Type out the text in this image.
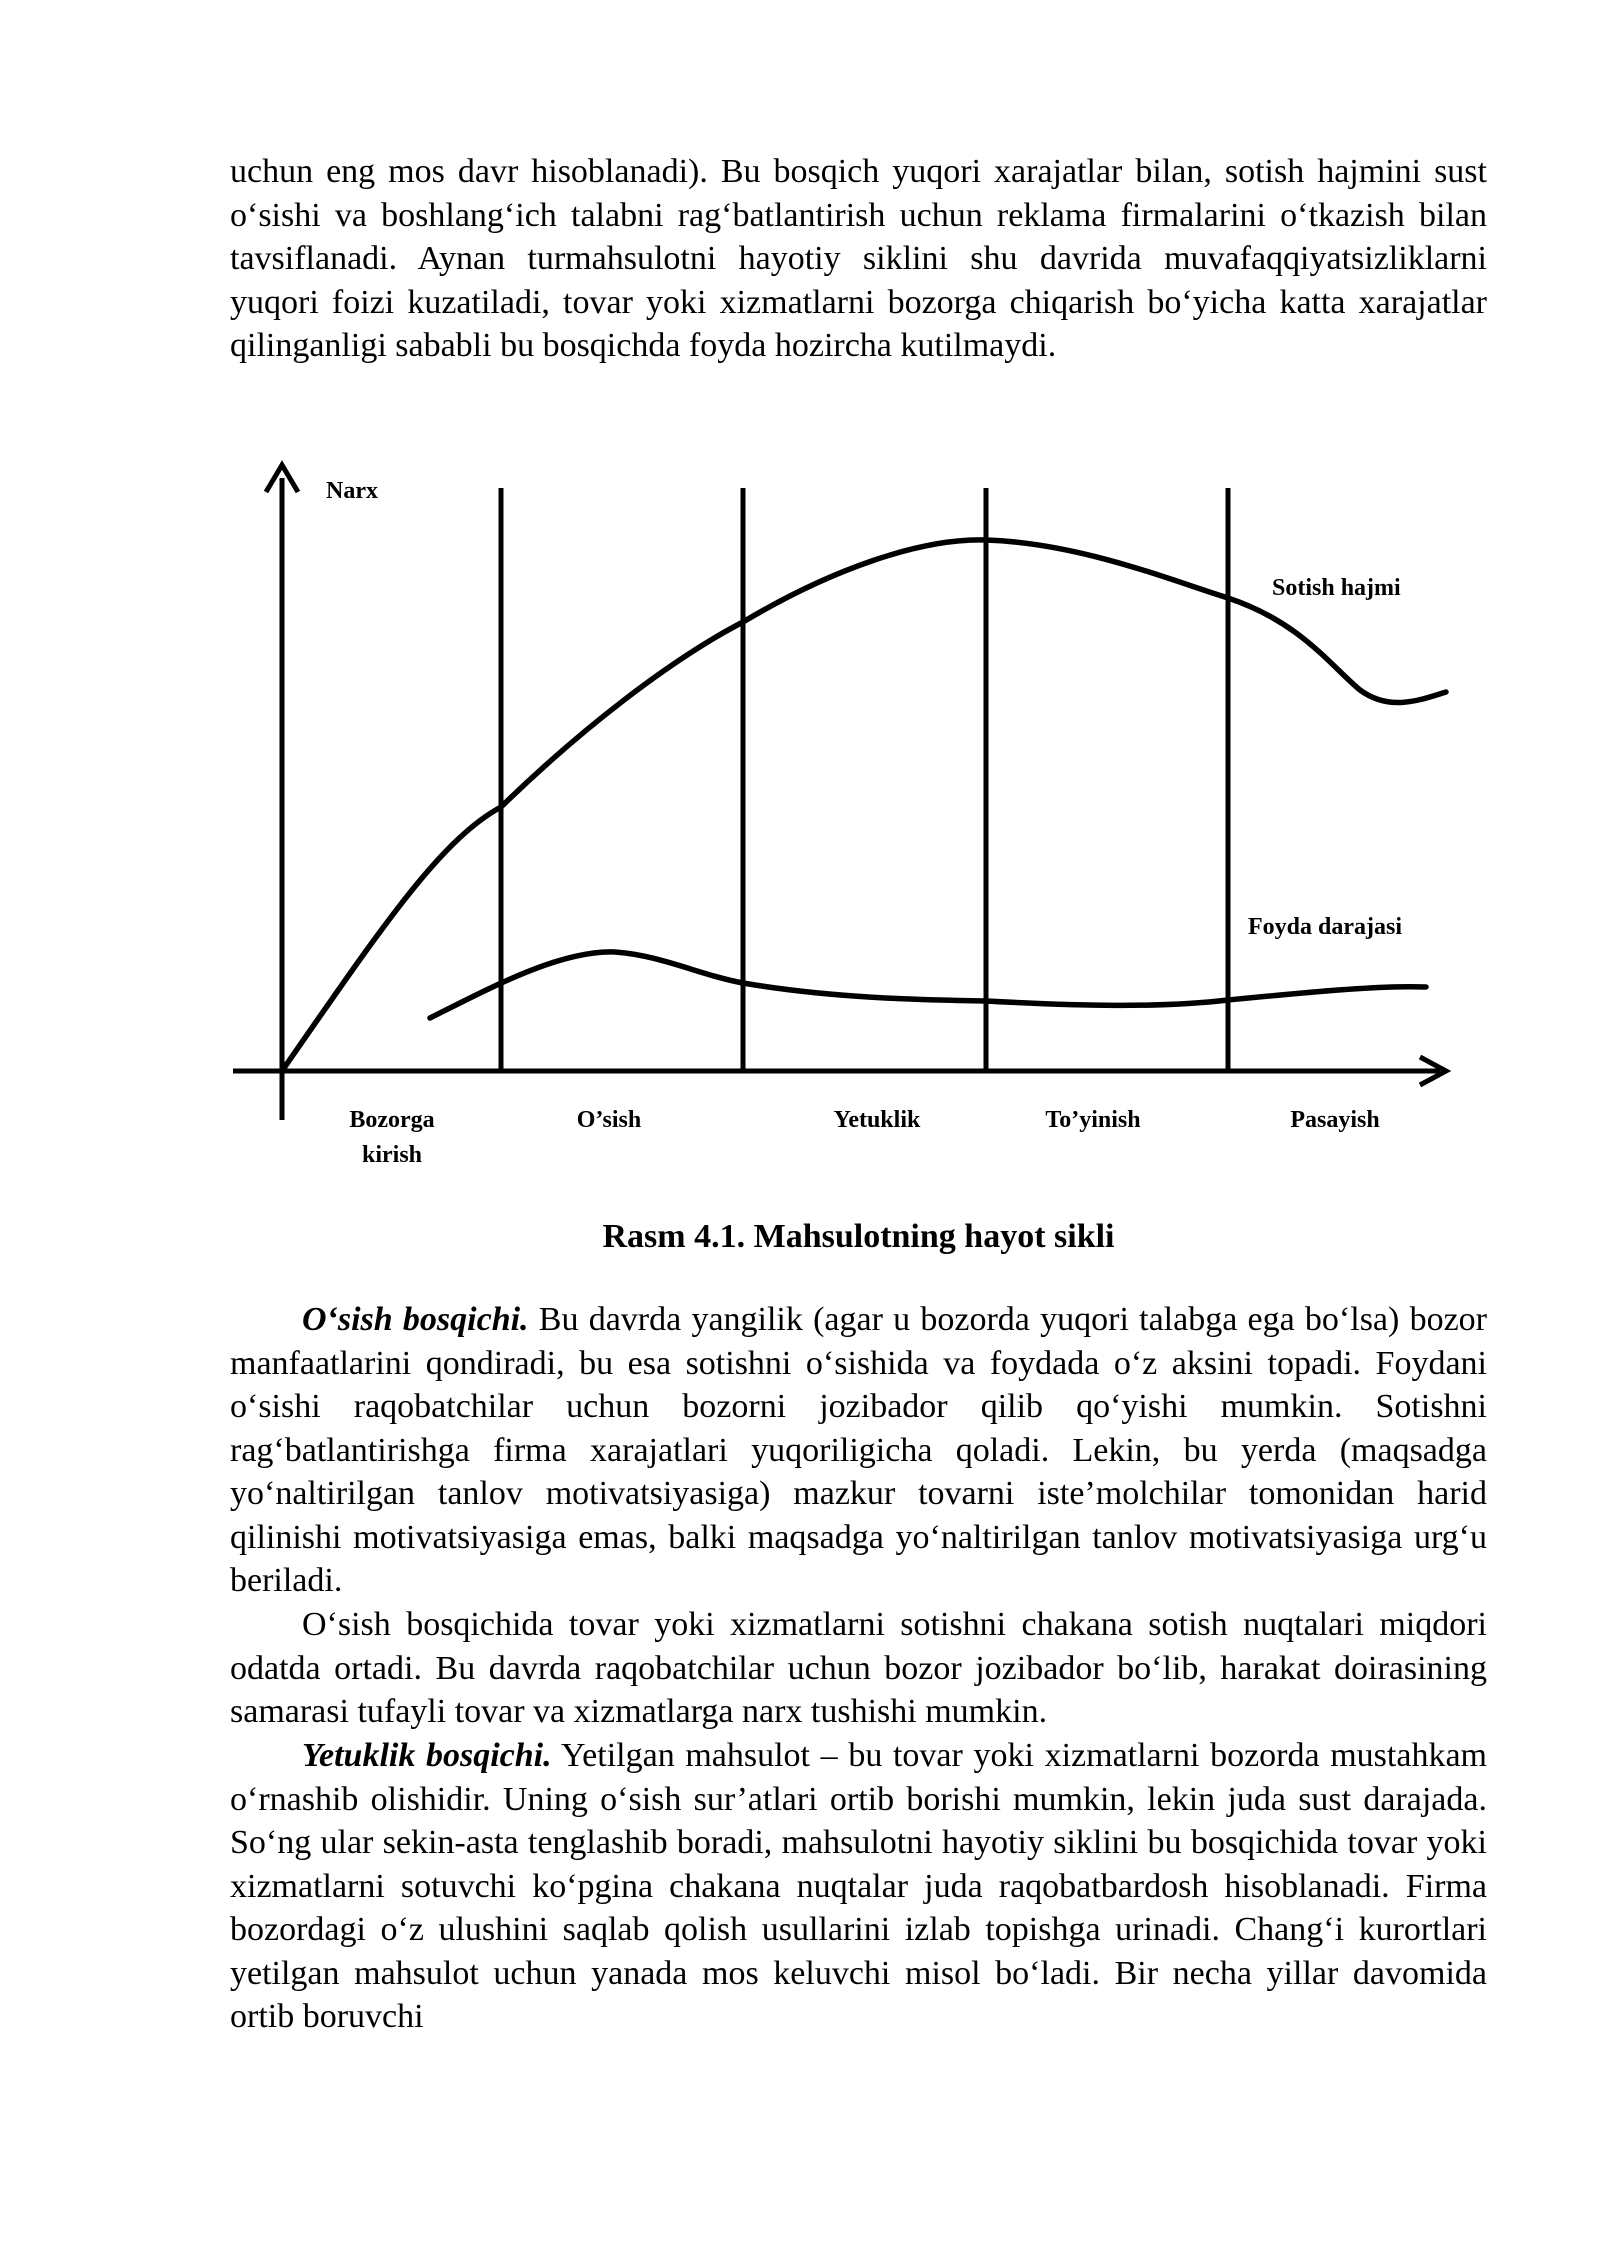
uchun eng mos davr hisoblanadi). Bu bosqich yuqori xarajatlar bilan, sotish hajmini sust o‘sishi va boshlang‘ich talabni rag‘batlantirish uchun reklama firmalarini o‘tkazish bilan tavsiflanadi. Aynan turmahsulotni hayotiy siklini shu davrida muvafaqqiyatsizliklarni yuqori foizi kuzatiladi, tovar yoki xizmatlarni bozorga chiqarish bo‘yicha katta xarajatlar qilinganligi sababli bu bosqichda foyda hozircha kutilmaydi.

Narx
Sotish hajmi
Foyda darajasi
Bozorga
kirish
O’sish	Yetuklik	To’yinish	Pasayish

Rasm 4.1. Mahsulotning hayot sikli

O‘sish bosqichi. Bu davrda yangilik (agar u bozorda yuqori talabga ega bo‘lsa) bozor manfaatlarini qondiradi, bu esa sotishni o‘sishida va foydada o‘z aksini topadi. Foydani o‘sishi raqobatchilar uchun bozorni jozibador qilib qo‘yishi mumkin. Sotishni rag‘batlantirishga firma xarajatlari yuqoriligicha qoladi. Lekin, bu yerda (maqsadga yo‘naltirilgan tanlov motivatsiyasiga) mazkur tovarni iste’molchilar tomonidan harid qilinishi motivatsiyasiga emas, balki maqsadga yo‘naltirilgan tanlov motivatsiyasiga urg‘u beriladi.

O‘sish bosqichida tovar yoki xizmatlarni sotishni chakana sotish nuqtalari miqdori odatda ortadi. Bu davrda raqobatchilar uchun bozor jozibador bo‘lib, harakat doirasining samarasi tufayli tovar va xizmatlarga narx tushishi mumkin.

Yetuklik bosqichi. Yetilgan mahsulot – bu tovar yoki xizmatlarni bozorda mustahkam o‘rnashib olishidir. Uning o‘sish sur’atlari ortib borishi mumkin, lekin juda sust darajada. So‘ng ular sekin-asta tenglashib boradi, mahsulotni hayotiy siklini bu bosqichida tovar yoki xizmatlarni sotuvchi ko‘pgina chakana nuqtalar juda raqobatbardosh hisoblanadi. Firma bozordagi o‘z ulushini saqlab qolish usullarini izlab topishga urinadi. Chang‘i kurortlari yetilgan mahsulot uchun yanada mos keluvchi misol bo‘ladi. Bir necha yillar davomida ortib boruvchi
